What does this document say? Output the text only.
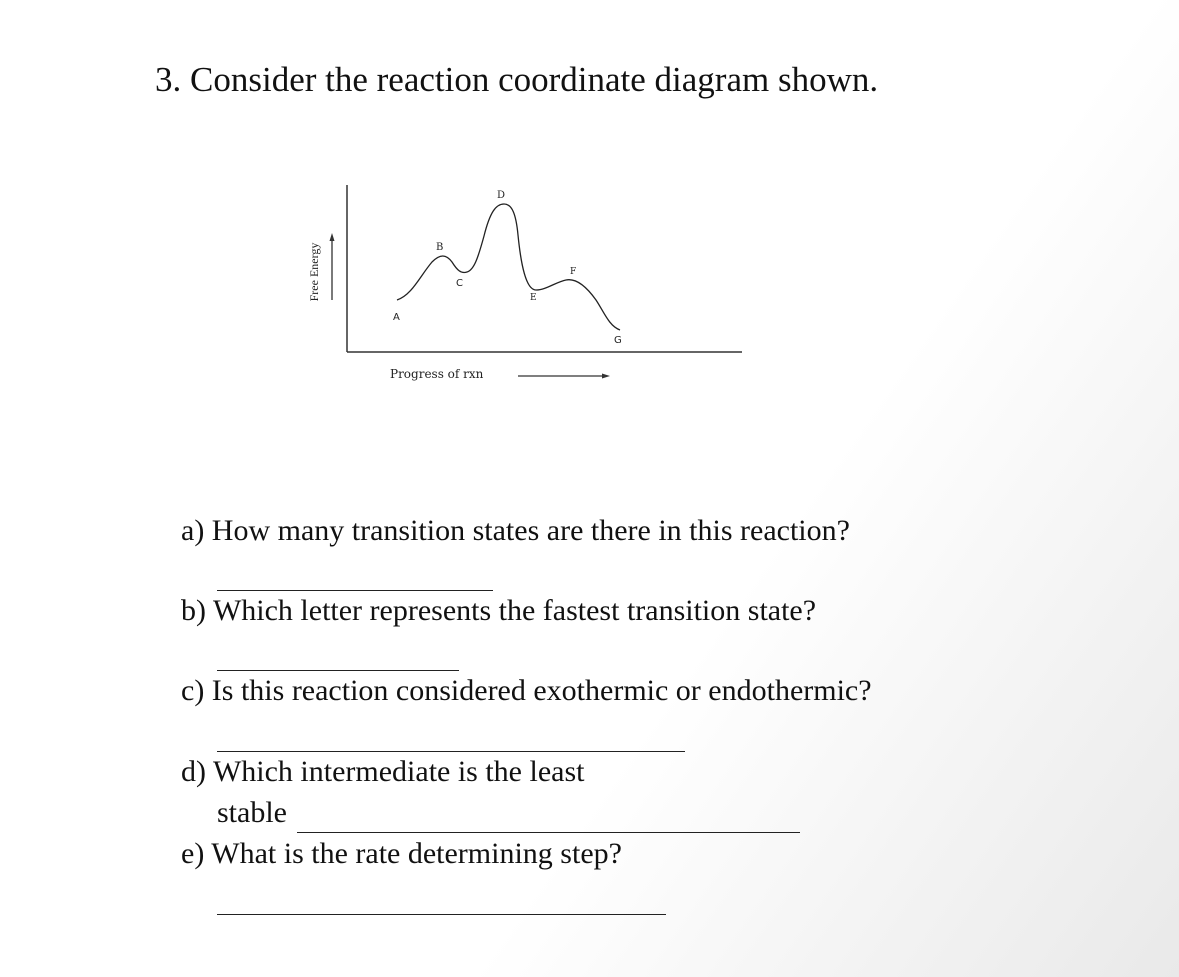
3. Consider the reaction coordinate diagram shown.
Free Energy
Progress of rxn
A
B
C
D
E
F
G
a) How many transition states are there in this reaction?
b) Which letter represents the fastest transition state?
c) Is this reaction considered exothermic or endothermic?
d) Which intermediate is the least
stable
e) What is the rate determining step?
